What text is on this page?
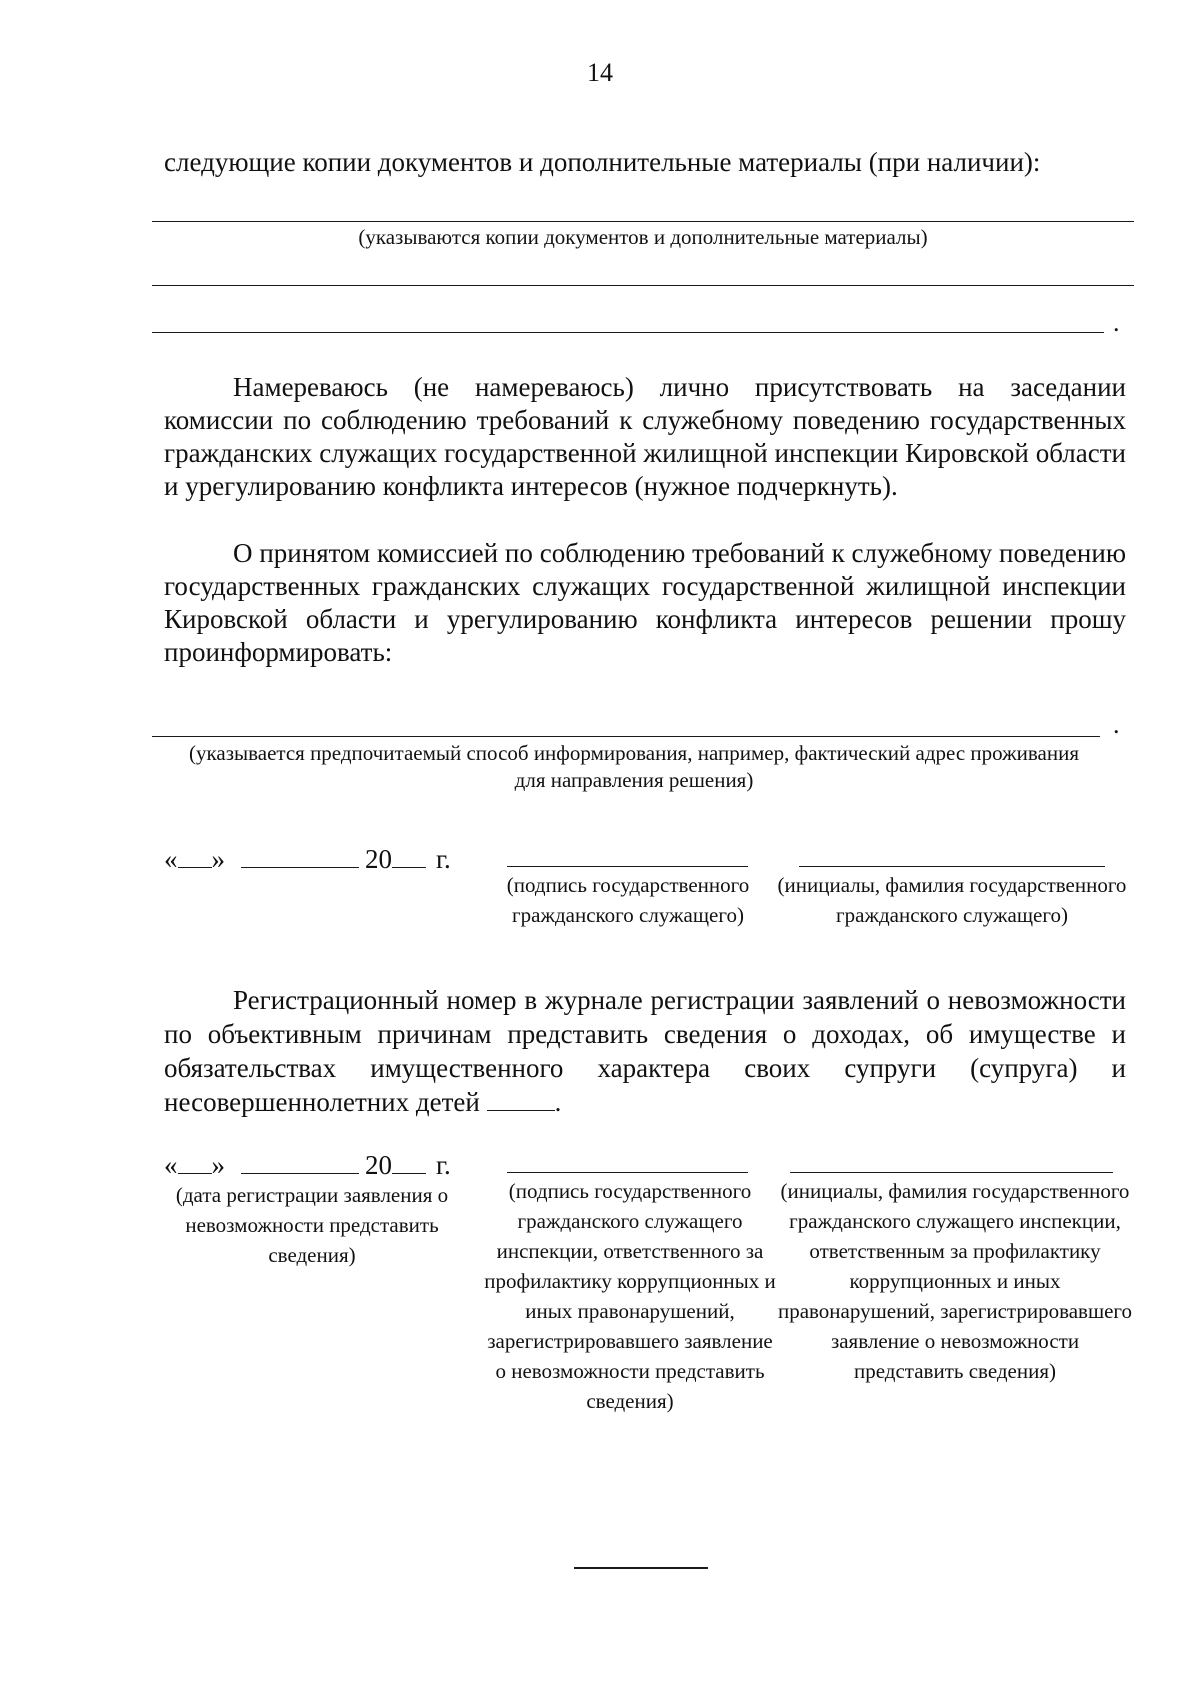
14
следующие копии документов и дополнительные материалы (при наличии):
(указываются копии документов и дополнительные материалы)
.
Намереваюсь (не намереваюсь) лично присутствовать на заседании комиссии по соблюдению требований к служебному поведению государственных гражданских служащих государственной жилищной инспекции Кировской области и урегулированию конфликта интересов (нужное подчеркнуть).
О принятом комиссией по соблюдению требований к служебному поведению государственных гражданских служащих государственной жилищной инспекции Кировской области и урегулированию конфликта интересов решении прошу проинформировать:
.
(указывается предпочитаемый способ информирования, например, фактический адрес проживания для направления решения)
« »	20 г.
(подпись государственного гражданского служащего)
(инициалы, фамилия государственного гражданского служащего)
Регистрационный номер в журнале регистрации заявлений о невозможности по объективным причинам представить сведения о доходах, об имуществе и обязательствах имущественного характера своих супруги (супруга) и несовершеннолетних детей	.
« »	20 г.
(дата регистрации заявления о невозможности представить сведения)
(подпись государственного гражданского служащего инспекции, ответственного за профилактику коррупционных и иных правонарушений, зарегистрировавшего заявление о невозможности представить сведения)
(инициалы, фамилия государственного гражданского служащего инспекции, ответственным за профилактику коррупционных и иных правонарушений, зарегистрировавшего заявление о невозможности представить сведения)
